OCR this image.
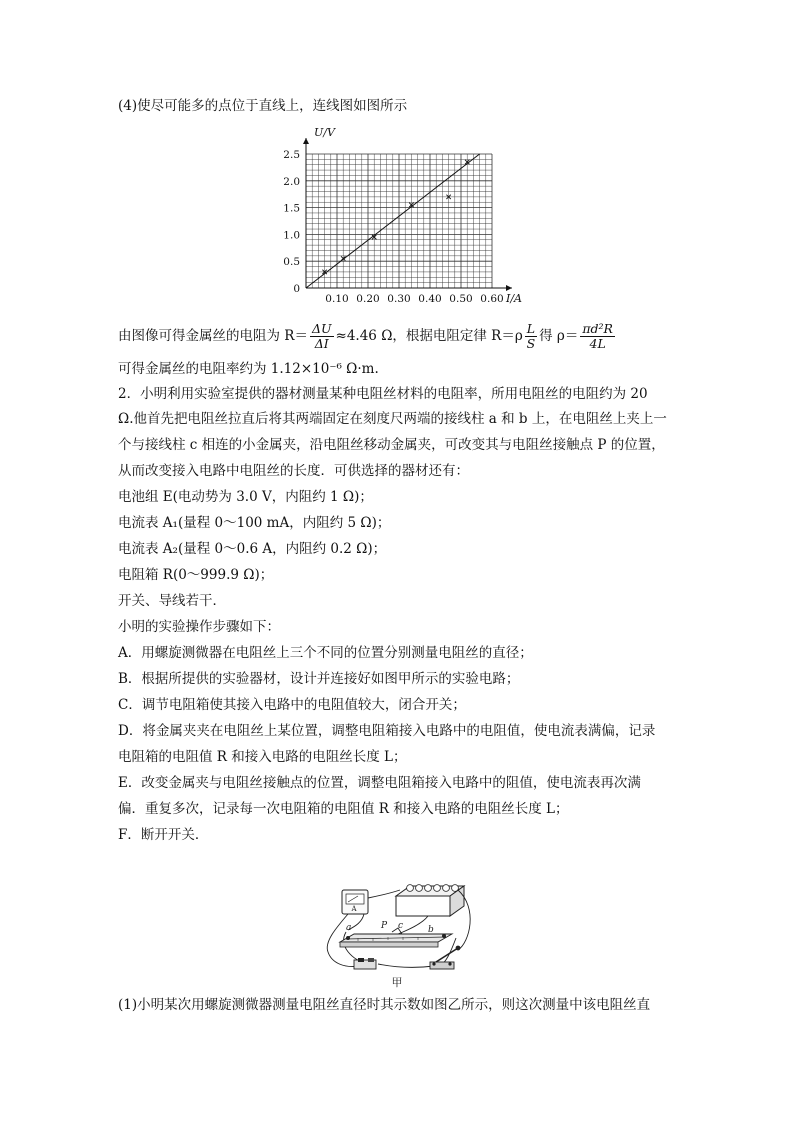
(4)使尽可能多的点位于直线上，连线图如图所示
0.10 0.20 0.30 0.40 0.50 0.60
0.5
1.0
1.5
2.0
2.5
0
U/V
I/A
由图像可得金属丝的电阻为 $R= \frac{\Delta U}{\Delta I} \approx 4.46$ Ω，根据电阻定律 $R=\rho \frac{L}{S}$ 得 $\rho= \frac{\text{πd²R}}{4L}$
可得金属丝的电阻率约为 1.12×10⁻⁶ Ω·m.
2．小明利用实验室提供的器材测量某种电阻丝材料的电阻率，所用电阻丝的电阻约为 20
Ω.他首先把电阻丝拉直后将其两端固定在刻度尺两端的接线柱 a 和 b 上，在电阻丝上夹上一
个与接线柱 c 相连的小金属夹，沿电阻丝移动金属夹，可改变其与电阻丝接触点 P 的位置，
从而改变接入电路中电阻丝的长度．可供选择的器材还有：
电池组 E(电动势为 3.0 V，内阻约 1 Ω)；
电流表 A₁(量程 0～100 mA，内阻约 5 Ω)；
电流表 A₂(量程 0～0.6 A，内阻约 0.2 Ω)；
电阻箱 R(0～999.9 Ω)；
开关、导线若干．
小明的实验操作步骤如下：
A．用螺旋测微器在电阻丝上三个不同的位置分别测量电阻丝的直径；
B．根据所提供的实验器材，设计并连接好如图甲所示的实验电路；
C．调节电阻箱使其接入电路中的电阻值较大，闭合开关；
D．将金属夹夹在电阻丝上某位置，调整电阻箱接入电路中的电阻值，使电流表满偏，记录
电阻箱的电阻值 R 和接入电路的电阻丝长度 L；
E．改变金属夹与电阻丝接触点的位置，调整电阻箱接入电路中的阻值，使电流表再次满
偏．重复多次，记录每一次电阻箱的电阻值 R 和接入电路的电阻丝长度 L；
F．断开开关．
A
a	P c	b
甲
(1)小明某次用螺旋测微器测量电阻丝直径时其示数如图乙所示，则这次测量中该电阻丝直
